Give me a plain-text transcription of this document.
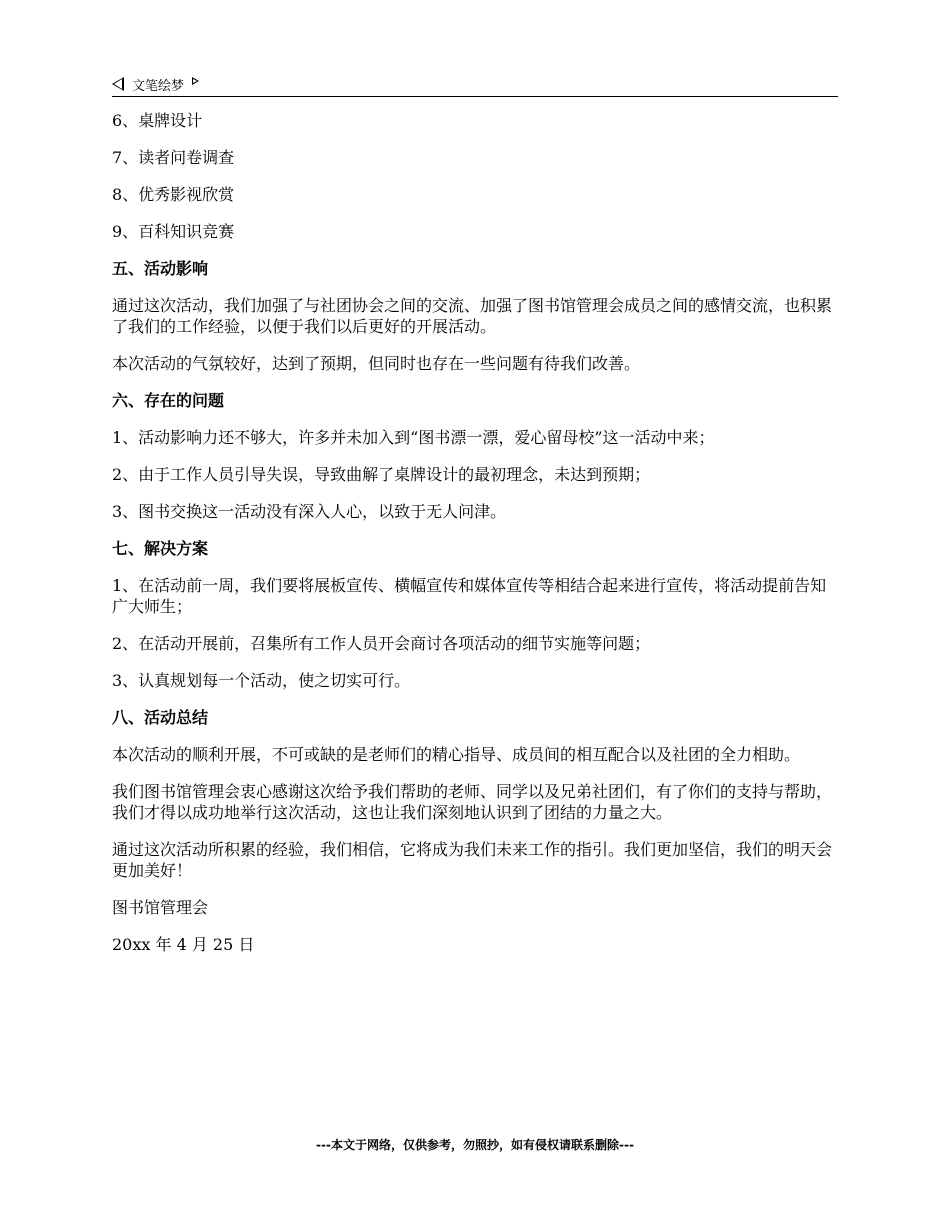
文笔绘梦

6、桌牌设计

7、读者问卷调查

8、优秀影视欣赏

9、百科知识竞赛

五、活动影响

通过这次活动，我们加强了与社团协会之间的交流、加强了图书馆管理会成员之间的感情交流，也积累了我们的工作经验，以便于我们以后更好的开展活动。

本次活动的气氛较好，达到了预期，但同时也存在一些问题有待我们改善。

六、存在的问题

1、活动影响力还不够大，许多并未加入到“图书漂一漂，爱心留母校”这一活动中来；

2、由于工作人员引导失误，导致曲解了桌牌设计的最初理念，未达到预期；

3、图书交换这一活动没有深入人心，以致于无人问津。

七、解决方案

1、在活动前一周，我们要将展板宣传、横幅宣传和媒体宣传等相结合起来进行宣传，将活动提前告知广大师生；

2、在活动开展前，召集所有工作人员开会商讨各项活动的细节实施等问题；

3、认真规划每一个活动，使之切实可行。

八、活动总结

本次活动的顺利开展，不可或缺的是老师们的精心指导、成员间的相互配合以及社团的全力相助。

我们图书馆管理会衷心感谢这次给予我们帮助的老师、同学以及兄弟社团们，有了你们的支持与帮助，我们才得以成功地举行这次活动，这也让我们深刻地认识到了团结的力量之大。

通过这次活动所积累的经验，我们相信，它将成为我们未来工作的指引。我们更加坚信，我们的明天会更加美好！

图书馆管理会

20xx 年 4 月 25 日

---本文于网络，仅供参考，勿照抄，如有侵权请联系删除---
